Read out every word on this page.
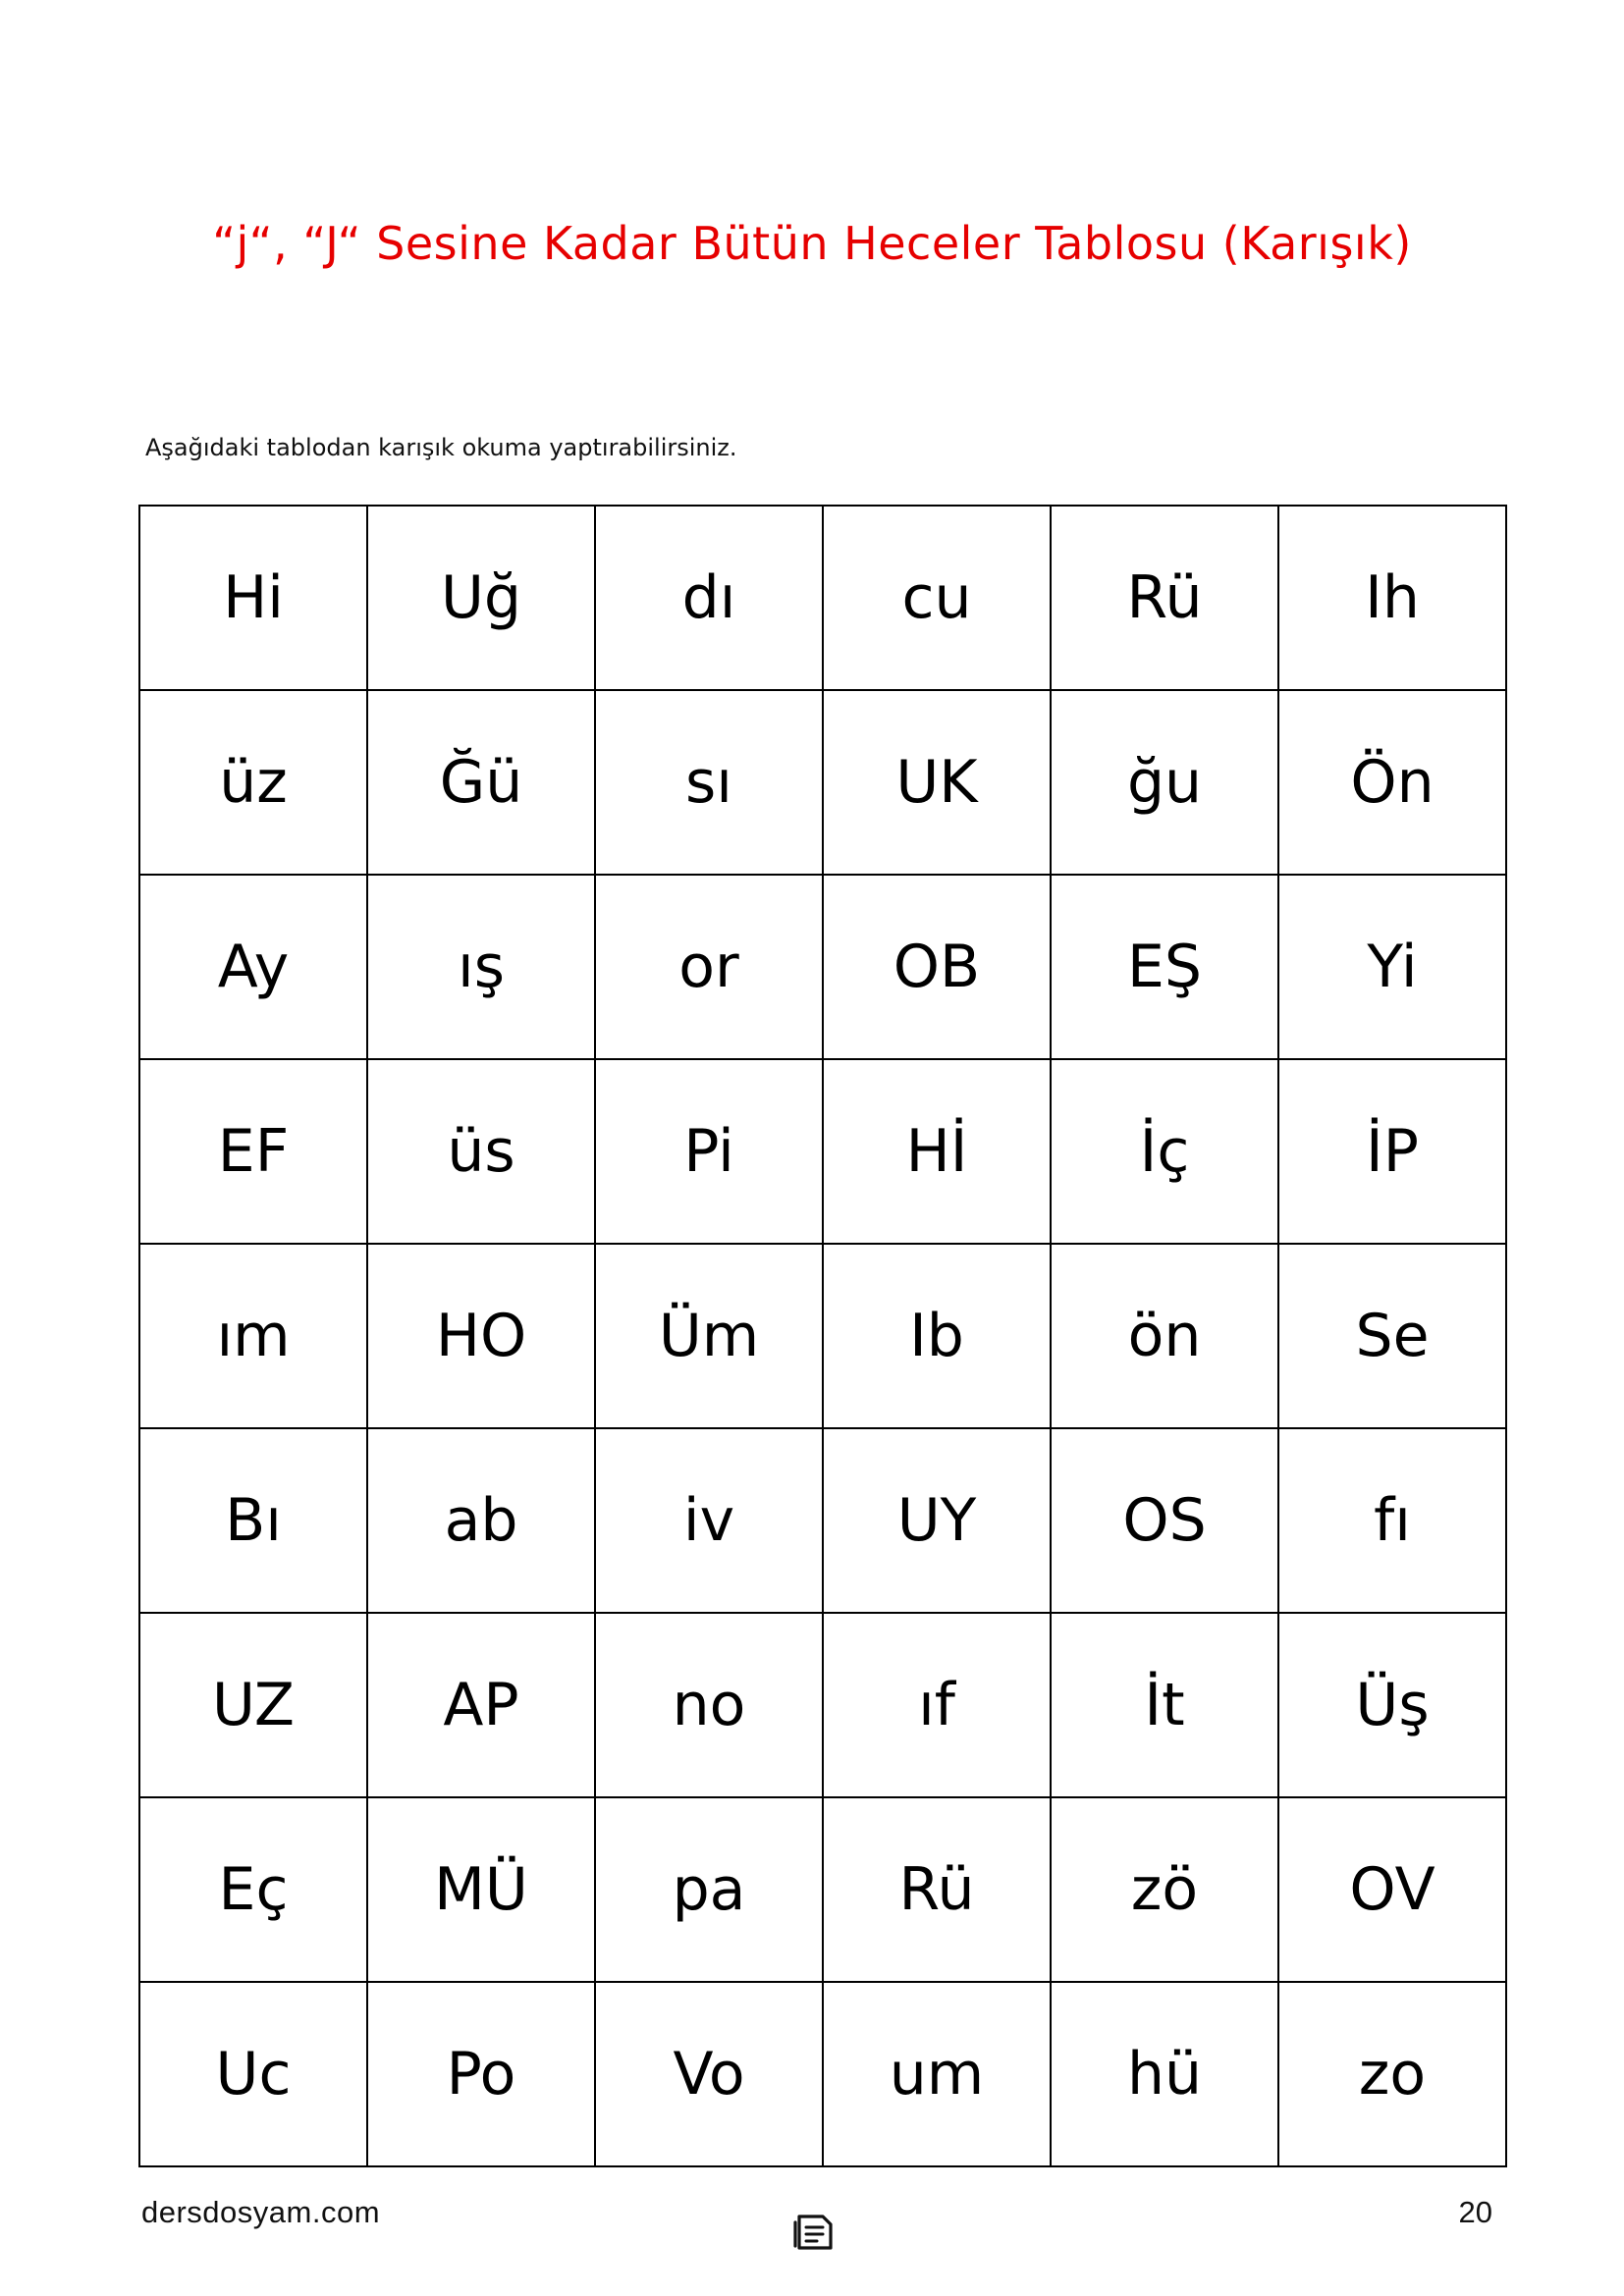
“j“, “J“ Sesine Kadar Bütün Heceler Tablosu (Karışık)
Aşağıdaki tablodan karışık okuma yaptırabilirsiniz.
Hi	Uğ	dı	cu	Rü	Ih
üz	Ğü	sı	UK	ğu	Ön
Ay	ış	or	OB	EŞ	Yi
EF	üs	Pi	Hİ	İç	İP
ım	HO	Üm	Ib	ön	Se
Bı	ab	iv	UY	OS	fı
UZ	AP	no	ıf	İt	Üş
Eç	MÜ	pa	Rü	zö	OV
Uc	Po	Vo	um	hü	zo
dersdosyam.com	20
